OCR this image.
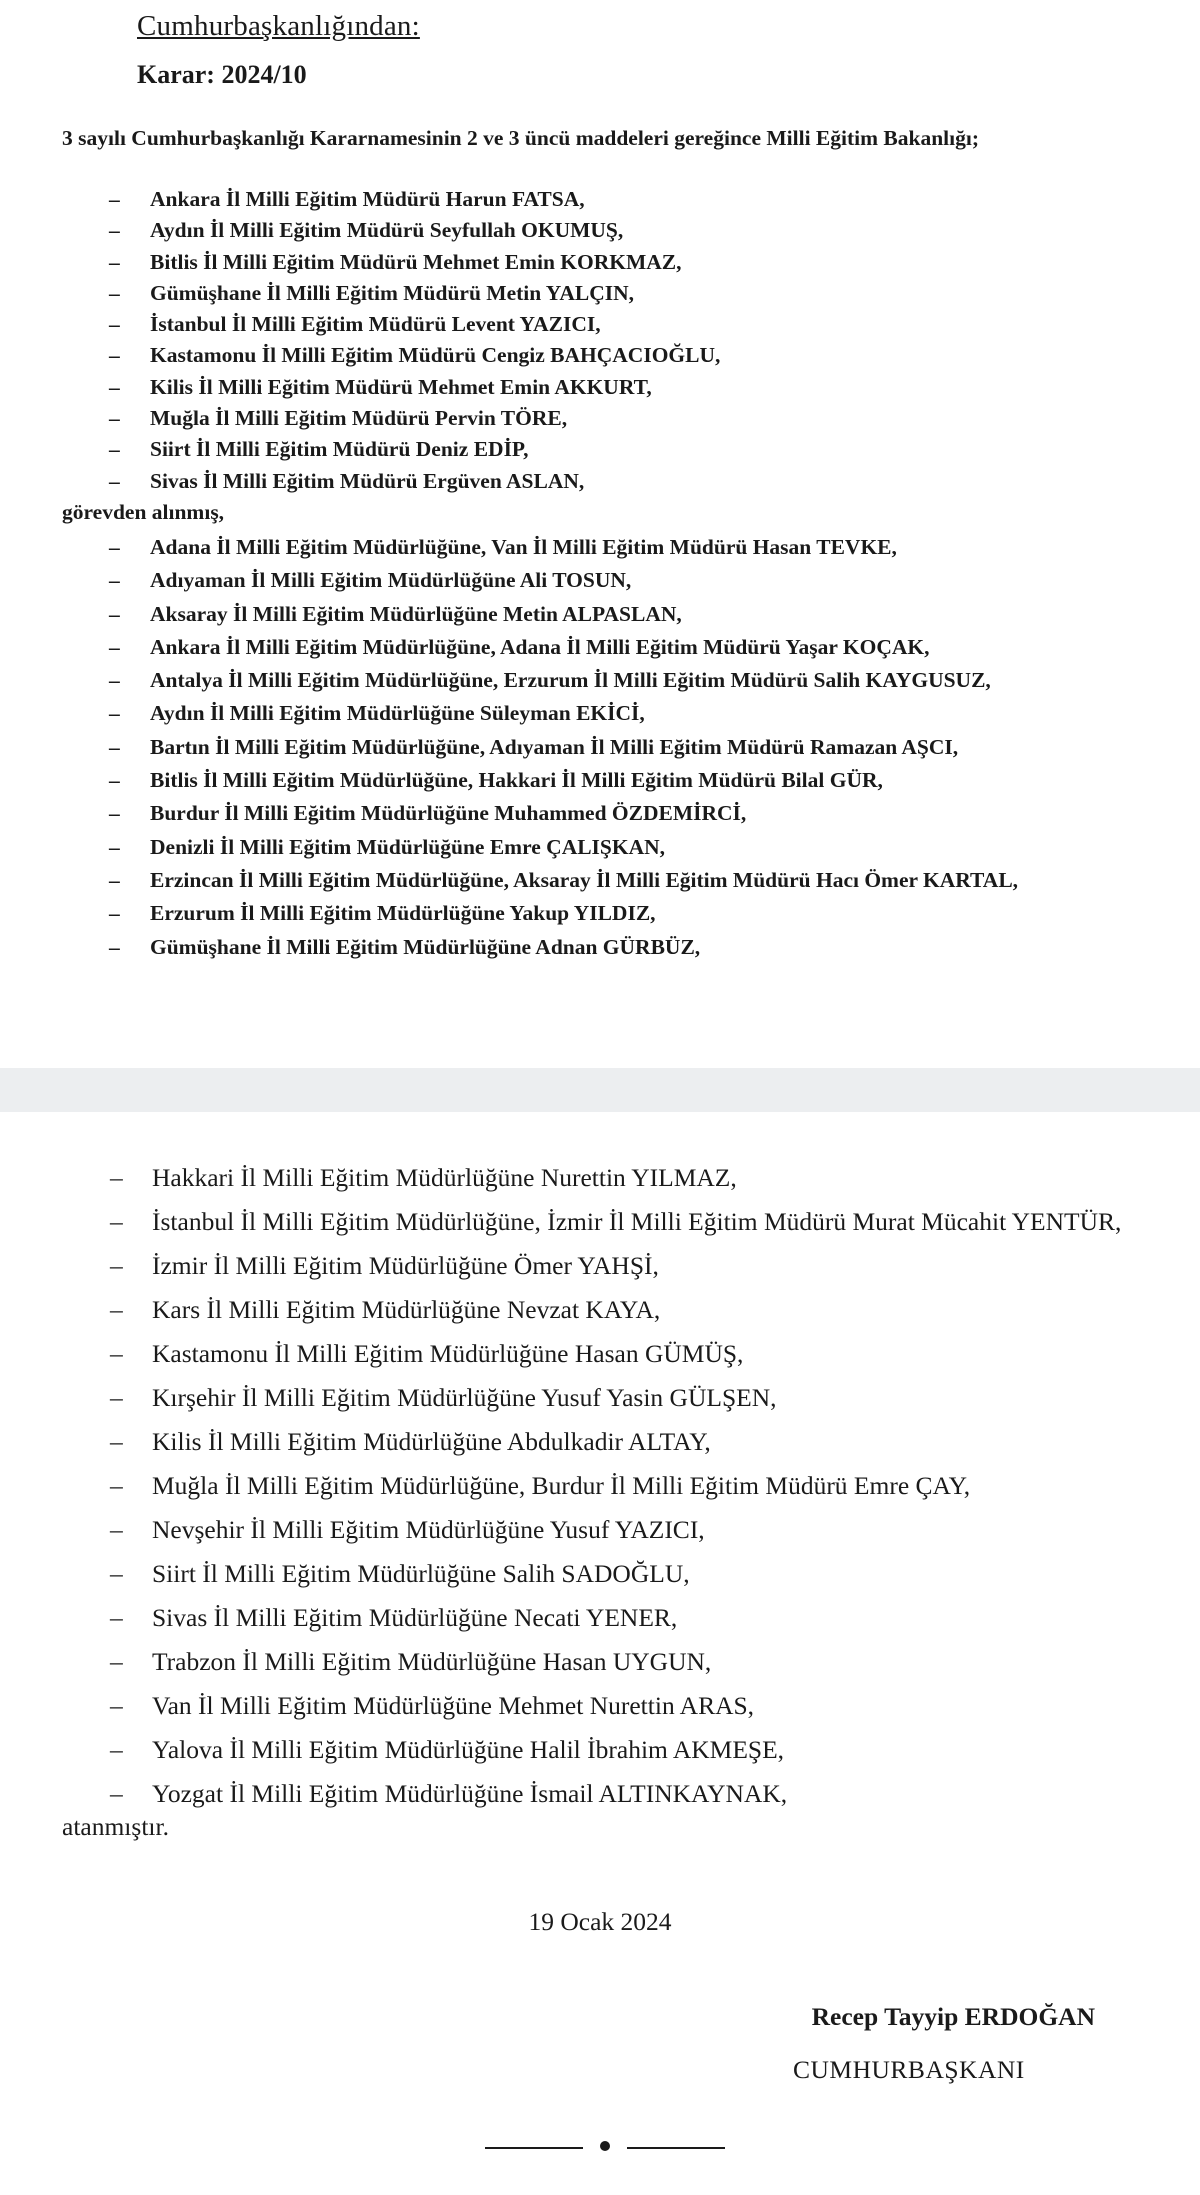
Cumhurbaşkanlığından:
Karar: 2024/10
3 sayılı Cumhurbaşkanlığı Kararnamesinin 2 ve 3 üncü maddeleri gereğince Milli Eğitim Bakanlığı;
– Ankara İl Milli Eğitim Müdürü Harun FATSA,
– Aydın İl Milli Eğitim Müdürü Seyfullah OKUMUŞ,
– Bitlis İl Milli Eğitim Müdürü Mehmet Emin KORKMAZ,
– Gümüşhane İl Milli Eğitim Müdürü Metin YALÇIN,
– İstanbul İl Milli Eğitim Müdürü Levent YAZICI,
– Kastamonu İl Milli Eğitim Müdürü Cengiz BAHÇACIOĞLU,
– Kilis İl Milli Eğitim Müdürü Mehmet Emin AKKURT,
– Muğla İl Milli Eğitim Müdürü Pervin TÖRE,
– Siirt İl Milli Eğitim Müdürü Deniz EDİP,
– Sivas İl Milli Eğitim Müdürü Ergüven ASLAN,
görevden alınmış,
– Adana İl Milli Eğitim Müdürlüğüne, Van İl Milli Eğitim Müdürü Hasan TEVKE,
– Adıyaman İl Milli Eğitim Müdürlüğüne Ali TOSUN,
– Aksaray İl Milli Eğitim Müdürlüğüne Metin ALPASLAN,
– Ankara İl Milli Eğitim Müdürlüğüne, Adana İl Milli Eğitim Müdürü Yaşar KOÇAK,
– Antalya İl Milli Eğitim Müdürlüğüne, Erzurum İl Milli Eğitim Müdürü Salih KAYGUSUZ,
– Aydın İl Milli Eğitim Müdürlüğüne Süleyman EKİCİ,
– Bartın İl Milli Eğitim Müdürlüğüne, Adıyaman İl Milli Eğitim Müdürü Ramazan AŞCI,
– Bitlis İl Milli Eğitim Müdürlüğüne, Hakkari İl Milli Eğitim Müdürü Bilal GÜR,
– Burdur İl Milli Eğitim Müdürlüğüne Muhammed ÖZDEMİRCİ,
– Denizli İl Milli Eğitim Müdürlüğüne Emre ÇALIŞKAN,
– Erzincan İl Milli Eğitim Müdürlüğüne, Aksaray İl Milli Eğitim Müdürü Hacı Ömer KARTAL,
– Erzurum İl Milli Eğitim Müdürlüğüne Yakup YILDIZ,
– Gümüşhane İl Milli Eğitim Müdürlüğüne Adnan GÜRBÜZ,
– Hakkari İl Milli Eğitim Müdürlüğüne Nurettin YILMAZ,
– İstanbul İl Milli Eğitim Müdürlüğüne, İzmir İl Milli Eğitim Müdürü Murat Mücahit YENTÜR,
– İzmir İl Milli Eğitim Müdürlüğüne Ömer YAHŞİ,
– Kars İl Milli Eğitim Müdürlüğüne Nevzat KAYA,
– Kastamonu İl Milli Eğitim Müdürlüğüne Hasan GÜMÜŞ,
– Kırşehir İl Milli Eğitim Müdürlüğüne Yusuf Yasin GÜLŞEN,
– Kilis İl Milli Eğitim Müdürlüğüne Abdulkadir ALTAY,
– Muğla İl Milli Eğitim Müdürlüğüne, Burdur İl Milli Eğitim Müdürü Emre ÇAY,
– Nevşehir İl Milli Eğitim Müdürlüğüne Yusuf YAZICI,
– Siirt İl Milli Eğitim Müdürlüğüne Salih SADOĞLU,
– Sivas İl Milli Eğitim Müdürlüğüne Necati YENER,
– Trabzon İl Milli Eğitim Müdürlüğüne Hasan UYGUN,
– Van İl Milli Eğitim Müdürlüğüne Mehmet Nurettin ARAS,
– Yalova İl Milli Eğitim Müdürlüğüne Halil İbrahim AKMEŞE,
– Yozgat İl Milli Eğitim Müdürlüğüne İsmail ALTINKAYNAK,
atanmıştır.
19 Ocak 2024
Recep Tayyip ERDOĞAN
CUMHURBAŞKANI
